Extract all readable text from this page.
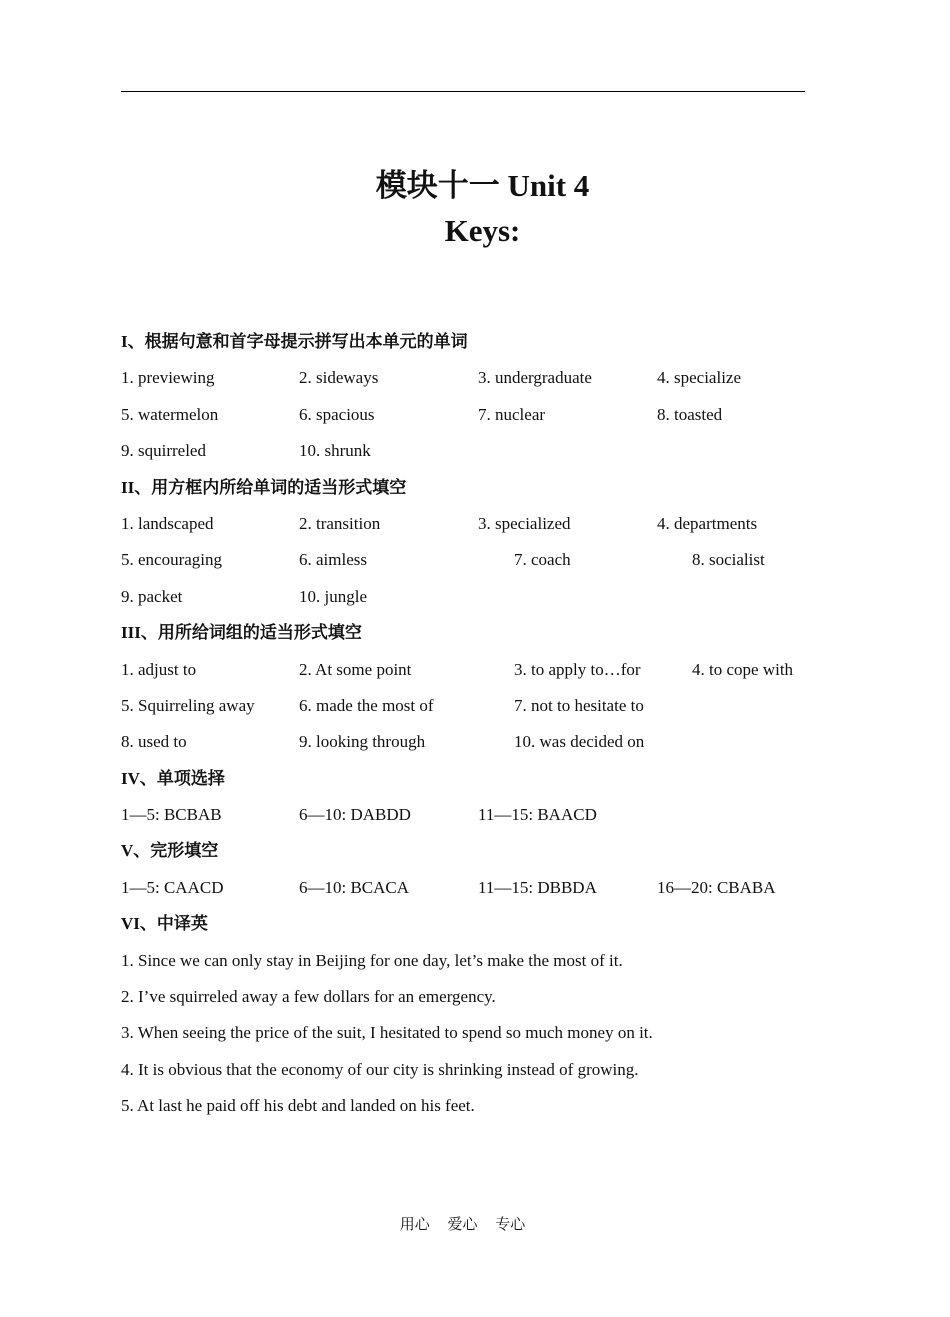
模块十一 Unit 4
Keys:
I、根据句意和首字母提示拼写出本单元的单词
1. previewing	2. sideways	3. undergraduate	4. specialize
5. watermelon	6. spacious	7. nuclear	8. toasted
9. squirreled	10. shrunk
II、用方框内所给单词的适当形式填空
1. landscaped	2. transition	3. specialized	4. departments
5. encouraging	6. aimless	7. coach	8. socialist
9. packet	10. jungle
III、用所给词组的适当形式填空
1. adjust to	2. At some point	3. to apply to…for	4. to cope with
5. Squirreling away	6. made the most of	7. not to hesitate to
8. used to	9. looking through	10. was decided on
IV、单项选择
1—5: BCBAB	6—10: DABDD	11—15: BAACD
V、完形填空
1—5: CAACD	6—10: BCACA	11—15: DBBDA	16—20: CBABA
VI、中译英
1. Since we can only stay in Beijing for one day, let’s make the most of it.
2. I’ve squirreled away a few dollars for an emergency.
3. When seeing the price of the suit, I hesitated to spend so much money on it.
4. It is obvious that the economy of our city is shrinking instead of growing.
5. At last he paid off his debt and landed on his feet.
用心 爱心 专心
